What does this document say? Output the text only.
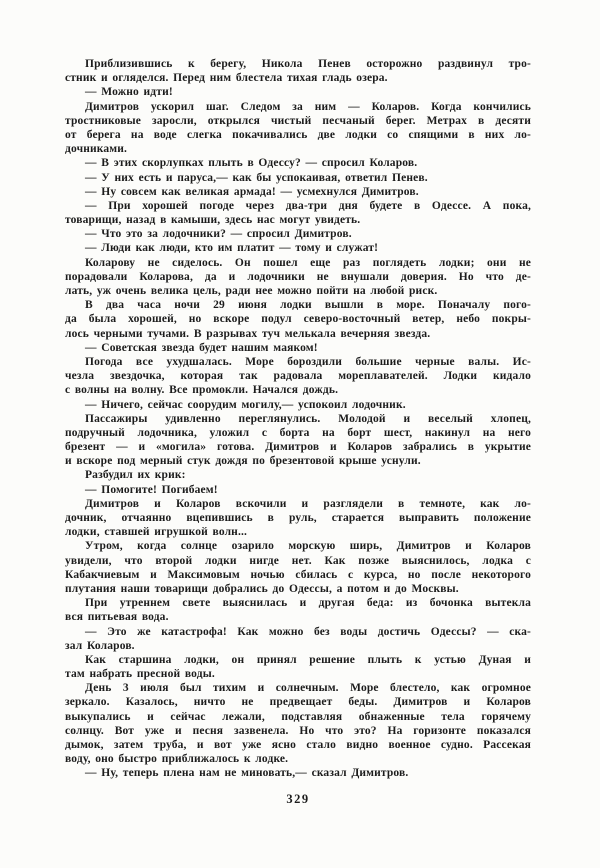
Приблизившись к берегу, Никола Пенев осторожно раздвинул тро-
стник и огляделся. Перед ним блестела тихая гладь озера.
— Можно идти!
Димитров ускорил шаг. Следом за ним — Коларов. Когда кончились
тростниковые заросли, открылся чистый песчаный берег. Метрах в десяти
от берега на воде слегка покачивались две лодки со спящими в них ло-
дочниками.
— В этих скорлупках плыть в Одессу? — спросил Коларов.
— У них есть и паруса,— как бы успокаивая, ответил Пенев.
— Ну совсем как великая армада! — усмехнулся Димитров.
— При хорошей погоде через два-три дня будете в Одессе. А пока,
товарищи, назад в камыши, здесь нас могут увидеть.
— Что это за лодочники? — спросил Димитров.
— Люди как люди, кто им платит — тому и служат!
Коларову не сиделось. Он пошел еще раз поглядеть лодки; они не
порадовали Коларова, да и лодочники не внушали доверия. Но что де-
лать, уж очень велика цель, ради нее можно пойти на любой риск.
В два часа ночи 29 июня лодки вышли в море. Поначалу пого-
да была хорошей, но вскоре подул северо-восточный ветер, небо покры-
лось черными тучами. В разрывах туч мелькала вечерняя звезда.
— Советская звезда будет нашим маяком!
Погода все ухудшалась. Море бороздили большие черные валы. Ис-
чезла звездочка, которая так радовала мореплавателей. Лодки кидало
с волны на волну. Все промокли. Начался дождь.
— Ничего, сейчас соорудим могилу,— успокоил лодочник.
Пассажиры удивленно переглянулись. Молодой и веселый хлопец,
подручный лодочника, уложил с борта на борт шест, накинул на него
брезент — и «могила» готова. Димитров и Коларов забрались в укрытие
и вскоре под мерный стук дождя по брезентовой крыше уснули.
Разбудил их крик:
— Помогите! Погибаем!
Димитров и Коларов вскочили и разглядели в темноте, как ло-
дочник, отчаянно вцепившись в руль, старается выправить положение
лодки, ставшей игрушкой волн...
Утром, когда солнце озарило морскую ширь, Димитров и Коларов
увидели, что второй лодки нигде нет. Как позже выяснилось, лодка с
Кабакчиевым и Максимовым ночью сбилась с курса, но после некоторого
плутания наши товарищи добрались до Одессы, а потом и до Москвы.
При утреннем свете выяснилась и другая беда: из бочонка вытекла
вся питьевая вода.
— Это же катастрофа! Как можно без воды достичь Одессы? — ска-
зал Коларов.
Как старшина лодки, он принял решение плыть к устью Дуная и
там набрать пресной воды.
День 3 июля был тихим и солнечным. Море блестело, как огромное
зеркало. Казалось, ничто не предвещает беды. Димитров и Коларов
выкупались и сейчас лежали, подставляя обнаженные тела горячему
солнцу. Вот уже и песня зазвенела. Но что это? На горизонте показался
дымок, затем труба, и вот уже ясно стало видно военное судно. Рассекая
воду, оно быстро приближалось к лодке.
— Ну, теперь плена нам не миновать,— сказал Димитров.
329
